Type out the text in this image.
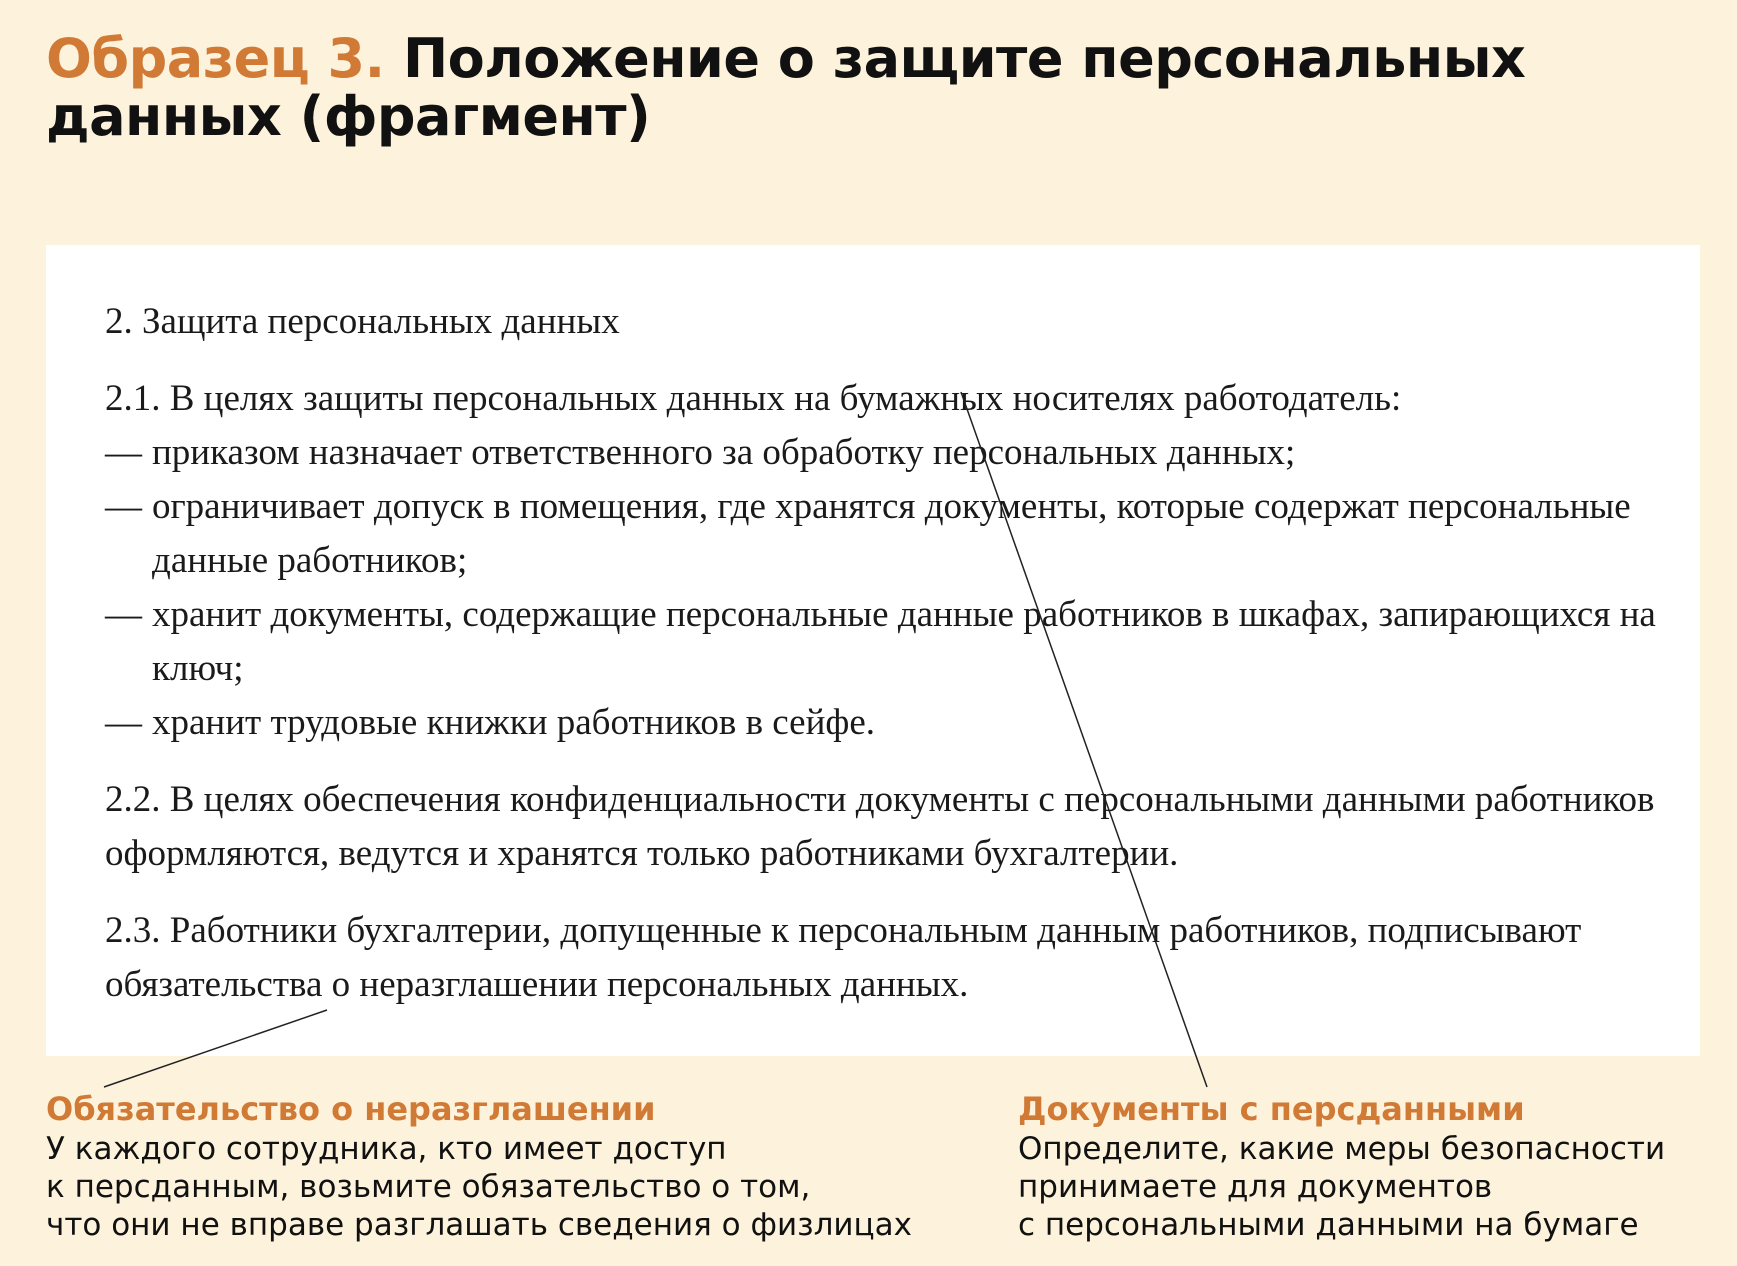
Образец 3. Положение о защите персональных данных (фрагмент)

2. Защита персональных данных

2.1. В целях защиты персональных данных на бумажных носителях работодатель:

— приказом назначает ответственного за обработку персональных данных;
— ограничивает допуск в помещения, где хранятся документы, которые содержат персональные данные работников;
— хранит документы, содержащие персональные данные работников в шкафах, запирающихся на ключ;
— хранит трудовые книжки работников в сейфе.

2.2. В целях обеспечения конфиденциальности документы с персональными данными работников оформляются, ведутся и хранятся только работниками бухгалтерии.

2.3. Работники бухгалтерии, допущенные к персональным данным работников, подписывают обязательства о неразглашении персональных данных.

Обязательство о неразглашении

У каждого сотрудника, кто имеет доступ

к персданным, возьмите обязательство о том,

что они не вправе разглашать сведения о физлицах

Документы с персданными

Определите, какие меры безопасности

принимаете для документов

с персональными данными на бумаге
